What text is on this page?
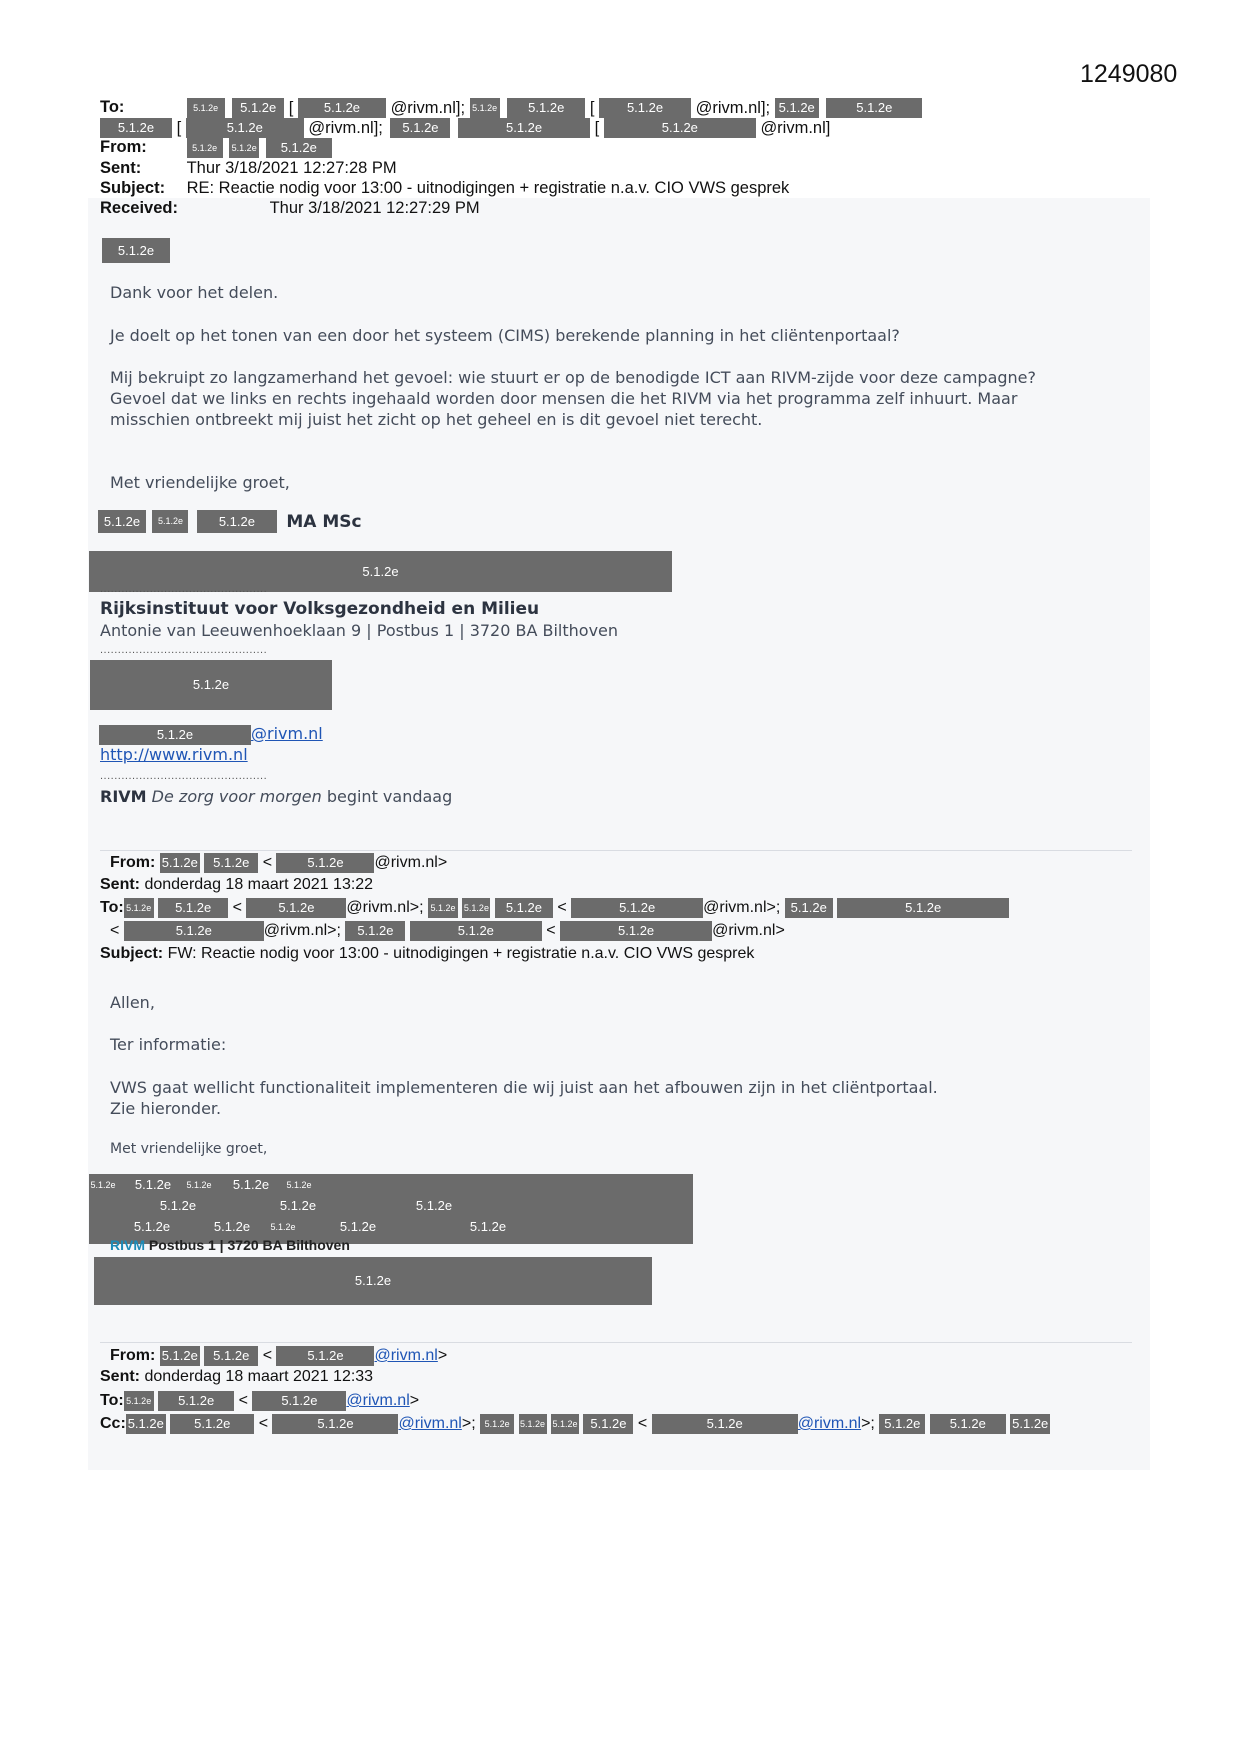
1249080
To:	5.1.2e 5.1.2e [ 5.1.2e @rivm.nl]; 5.1.2e 5.1.2e [	5.1.2e @rivm.nl]; 5.1.2e	5.1.2e
5.1.2e [	5.1.2e	@rivm.nl]; 5.1.2e	5.1.2e	[	5.1.2e	@rivm.nl]
From:	5.1.2e 5.1.2e 5.1.2e
Sent:	Thur 3/18/2021 12:27:28 PM
Subject: RE: Reactie nodig voor 13:00 - uitnodigingen + registratie n.a.v. CIO VWS gesprek
Received:	Thur 3/18/2021 12:27:29 PM
5.1.2e
Dank voor het delen.
Je doelt op het tonen van een door het systeem (CIMS) berekende planning in het cliëntenportaal?
Mij bekruipt zo langzamerhand het gevoel: wie stuurt er op de benodigde ICT aan RIVM-zijde voor deze campagne?
Gevoel dat we links en rechts ingehaald worden door mensen die het RIVM via het programma zelf inhuurt. Maar
misschien ontbreekt mij juist het zicht op het geheel en is dit gevoel niet terecht.
Met vriendelijke groet,
5.1.2e 5.1.2e	5.1.2e MA MSc
5.1.2e
...............................................
Rijksinstituut voor Volksgezondheid en Milieu
Antonie van Leeuwenhoeklaan 9 | Postbus 1 | 3720 BA Bilthoven
...............................................
5.1.2e
5.1.2e	@rivm.nl
http://www.rivm.nl
...............................................
RIVM De zorg voor morgen begint vandaag
From: 5.1.2e 5.1.2e <	5.1.2e @rivm.nl>
Sent: donderdag 18 maart 2021 13:22
To: 5.1.2e 5.1.2e <	5.1.2e @rivm.nl>; 5.1.2e 5.1.2e 5.1.2e <	5.1.2e	@rivm.nl>; 5.1.2e	5.1.2e
<	5.1.2e	@rivm.nl>; 5.1.2e	5.1.2e	<	5.1.2e	@rivm.nl>
Subject: FW: Reactie nodig voor 13:00 - uitnodigingen + registratie n.a.v. CIO VWS gesprek
Allen,
Ter informatie:
VWS gaat wellicht functionaliteit implementeren die wij juist aan het afbouwen zijn in het cliëntportaal.
Zie hieronder.
Met vriendelijke groet,
5.1.2e 5.1.2e 5.1.2e	5.1.2e	5.1.2e
5.1.2e	5.1.2e	5.1.2e
5.1.2e	5.1.2e	5.1.2e	5.1.2e	5.1.2e
RIVM Postbus 1 | 3720 BA Bilthoven
5.1.2e
From: 5.1.2e 5.1.2e <	5.1.2e @rivm.nl>
Sent: donderdag 18 maart 2021 12:33
To: 5.1.2e 5.1.2e <	5.1.2e @rivm.nl>
Cc: 5.1.2e 5.1.2e <	5.1.2e	@rivm.nl>; 5.1.2e 5.1.2e 5.1.2e 5.1.2e <	5.1.2e	@rivm.nl>; 5.1.2e 5.1.2e 5.1.2e
